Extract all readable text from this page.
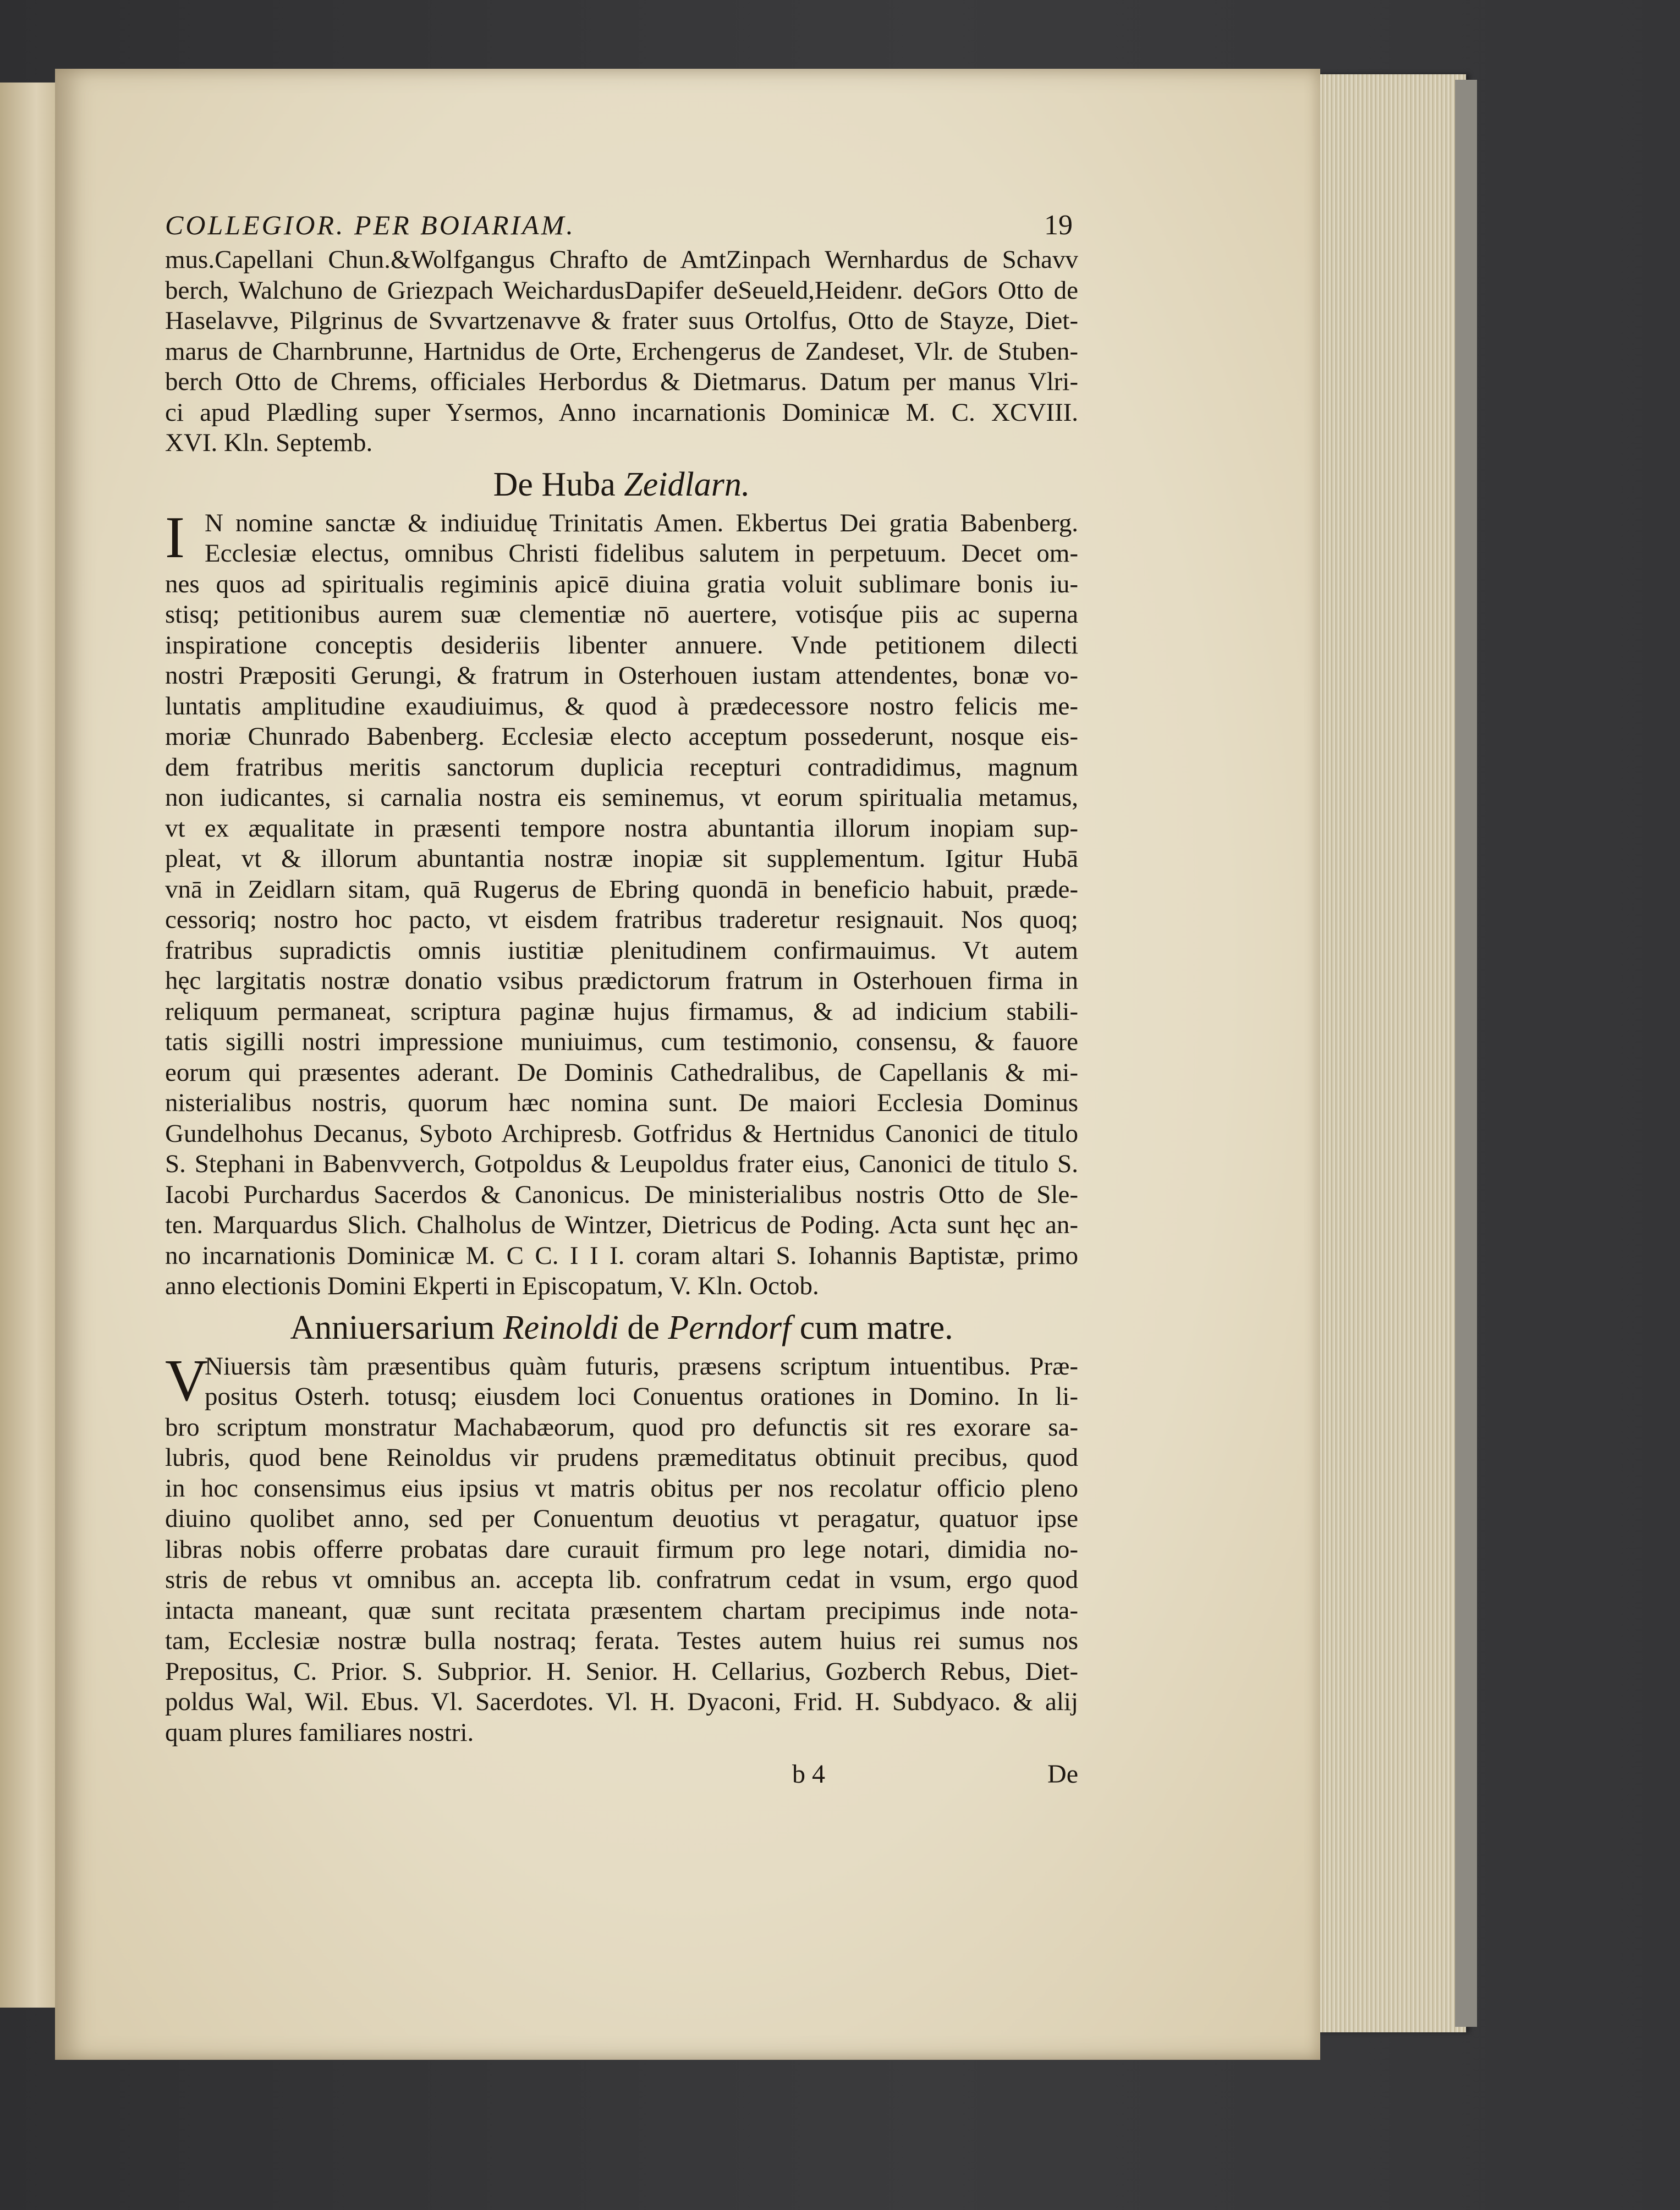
COLLEGIOR. PER BOIARIAM.	19
mus.Capellani Chun.&Wolfgangus Chrafto de AmtZinpach Wernhardus de Schavv
berch, Walchuno de Griezpach WeichardusDapifer deSeueld,Heidenr. deGors Otto de
Haselavve, Pilgrinus de Svvartzenavve & frater suus Ortolfus, Otto de Stayze, Diet-
marus de Charnbrunne, Hartnidus de Orte, Erchengerus de Zandeset, Vlr. de Stuben-
berch Otto de Chrems, officiales Herbordus & Dietmarus. Datum per manus Vlri-
ci apud Plædling super Ysermos, Anno incarnationis Dominicæ M. C. XCVIII.
XVI. Kln. Septemb.
De Huba Zeidlarn.
I N nomine sanctæ & indiuiduę Trinitatis Amen. Ekbertus Dei gratia Babenberg.
Ecclesiæ electus, omnibus Christi fidelibus salutem in perpetuum. Decet om-
nes quos ad spiritualis regiminis apicē diuina gratia voluit sublimare bonis iu-
stisq; petitionibus aurem suæ clementiæ nō auertere, votisq́ue piis ac superna
inspiratione conceptis desideriis libenter annuere. Vnde petitionem dilecti
nostri Præpositi Gerungi, & fratrum in Osterhouen iustam attendentes, bonæ vo-
luntatis amplitudine exaudiuimus, & quod à prædecessore nostro felicis me-
moriæ Chunrado Babenberg. Ecclesiæ electo acceptum possederunt, nosque eis-
dem fratribus meritis sanctorum duplicia recepturi contradidimus, magnum
non iudicantes, si carnalia nostra eis seminemus, vt eorum spiritualia metamus,
vt ex æqualitate in præsenti tempore nostra abuntantia illorum inopiam sup-
pleat, vt & illorum abuntantia nostræ inopiæ sit supplementum. Igitur Hubā
vnā in Zeidlarn sitam, quā Rugerus de Ebring quondā in beneficio habuit, præde-
cessoriq; nostro hoc pacto, vt eisdem fratribus traderetur resignauit. Nos quoq;
fratribus supradictis omnis iustitiæ plenitudinem confirmauimus. Vt autem
hęc largitatis nostræ donatio vsibus prædictorum fratrum in Osterhouen firma in
reliquum permaneat, scriptura paginæ hujus firmamus, & ad indicium stabili-
tatis sigilli nostri impressione muniuimus, cum testimonio, consensu, & fauore
eorum qui præsentes aderant. De Dominis Cathedralibus, de Capellanis & mi-
nisterialibus nostris, quorum hæc nomina sunt. De maiori Ecclesia Dominus
Gundelhohus Decanus, Syboto Archipresb. Gotfridus & Hertnidus Canonici de titulo
S. Stephani in Babenvverch, Gotpoldus & Leupoldus frater eius, Canonici de titulo S.
Iacobi Purchardus Sacerdos & Canonicus. De ministerialibus nostris Otto de Sle-
ten. Marquardus Slich. Chalholus de Wintzer, Dietricus de Poding. Acta sunt hęc an-
no incarnationis Dominicæ M. C C. I I I. coram altari S. Iohannis Baptistæ, primo
anno electionis Domini Ekperti in Episcopatum, V. Kln. Octob.
Anniuersarium Reinoldi de Perndorf cum matre.
V
Niuersis tàm præsentibus quàm futuris, præsens scriptum intuentibus. Præ-
positus Osterh. totusq; eiusdem loci Conuentus orationes in Domino. In li-
bro scriptum monstratur Machabæorum, quod pro defunctis sit res exorare sa-
lubris, quod bene Reinoldus vir prudens præmeditatus obtinuit precibus, quod
in hoc consensimus eius ipsius vt matris obitus per nos recolatur officio pleno
diuino quolibet anno, sed per Conuentum deuotius vt peragatur, quatuor ipse
libras nobis offerre probatas dare curauit firmum pro lege notari, dimidia no-
stris de rebus vt omnibus an. accepta lib. confratrum cedat in vsum, ergo quod
intacta maneant, quæ sunt recitata præsentem chartam precipimus inde nota-
tam, Ecclesiæ nostræ bulla nostraq; ferata. Testes autem huius rei sumus nos
Prepositus, C. Prior. S. Subprior. H. Senior. H. Cellarius, Gozberch Rebus, Diet-
poldus Wal, Wil. Ebus. Vl. Sacerdotes. Vl. H. Dyaconi, Frid. H. Subdyaco. & alij
quam plures familiares nostri.
b 4	De
